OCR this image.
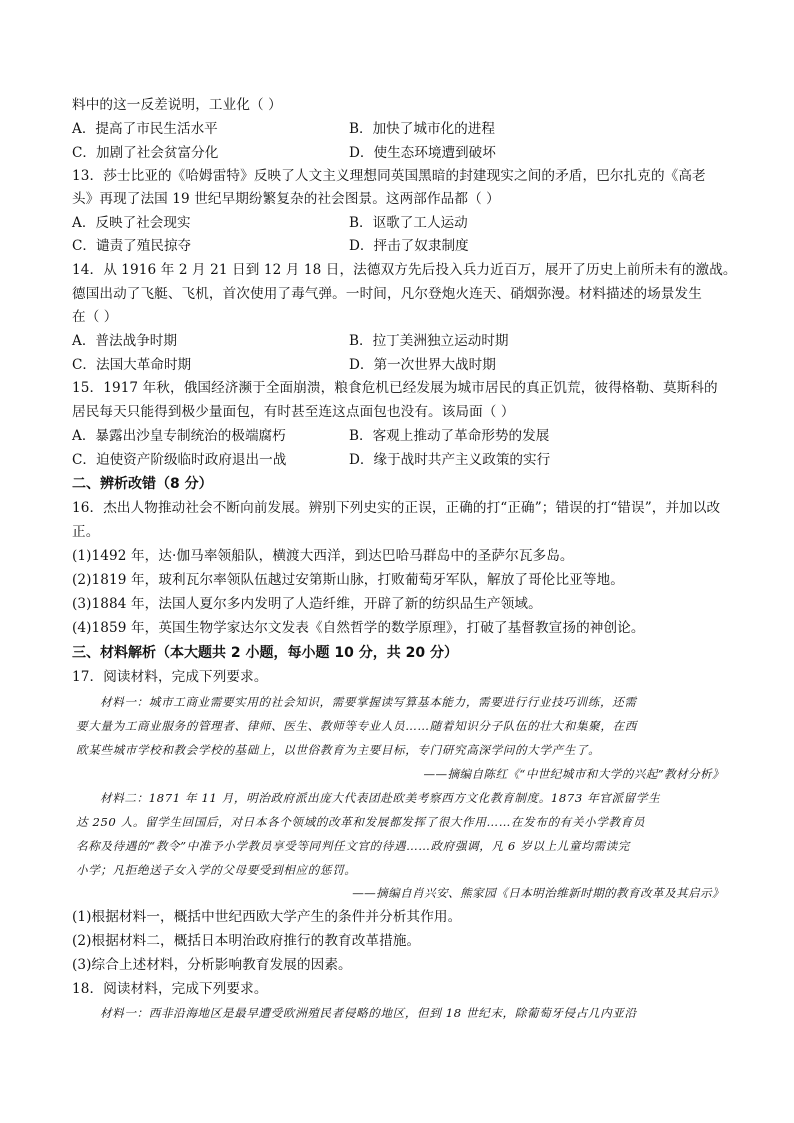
料中的这一反差说明，工业化（ ）
A．提高了市民生活水平	B．加快了城市化的进程
C．加剧了社会贫富分化	D．使生态环境遭到破坏
13．莎士比亚的《哈姆雷特》反映了人文主义理想同英国黑暗的封建现实之间的矛盾，巴尔扎克的《高老
头》再现了法国 19 世纪早期纷繁复杂的社会图景。这两部作品都（ ）
A．反映了社会现实	B．讴歌了工人运动
C．谴责了殖民掠夺	D．抨击了奴隶制度
14．从 1916 年 2 月 21 日到 12 月 18 日，法德双方先后投入兵力近百万，展开了历史上前所未有的激战。
德国出动了飞艇、飞机，首次使用了毒气弹。一时间，凡尔登炮火连天、硝烟弥漫。材料描述的场景发生
在（ ）
A．普法战争时期	B．拉丁美洲独立运动时期
C．法国大革命时期	D．第一次世界大战时期
15．1917 年秋，俄国经济濒于全面崩溃，粮食危机已经发展为城市居民的真正饥荒，彼得格勒、莫斯科的
居民每天只能得到极少量面包，有时甚至连这点面包也没有。该局面（ ）
A．暴露出沙皇专制统治的极端腐朽	B．客观上推动了革命形势的发展
C．迫使资产阶级临时政府退出一战	D．缘于战时共产主义政策的实行
二、辨析改错（8 分）
16．杰出人物推动社会不断向前发展。辨别下列史实的正误，正确的打“正确”；错误的打“错误”，并加以改
正。
(1)1492 年，达·伽马率领船队，横渡大西洋，到达巴哈马群岛中的圣萨尔瓦多岛。
(2)1819 年，玻利瓦尔率领队伍越过安第斯山脉，打败葡萄牙军队，解放了哥伦比亚等地。
(3)1884 年，法国人夏尔多内发明了人造纤维，开辟了新的纺织品生产领域。
(4)1859 年，英国生物学家达尔文发表《自然哲学的数学原理》，打破了基督教宣扬的神创论。
三、材料解析（本大题共 2 小题，每小题 10 分，共 20 分）
17．阅读材料，完成下列要求。
材料一：城市工商业需要实用的社会知识，需要掌握读写算基本能力，需要进行行业技巧训练，还需
要大量为工商业服务的管理者、律师、医生、教师等专业人员……随着知识分子队伍的壮大和集聚，在西
欧某些城市学校和教会学校的基础上，以世俗教育为主要目标，专门研究高深学问的大学产生了。
——摘编自陈红《“中世纪城市和大学的兴起”教材分析》
材料二：1871 年 11 月，明治政府派出庞大代表团赴欧美考察西方文化教育制度。1873 年官派留学生
达 250 人。留学生回国后，对日本各个领域的改革和发展都发挥了很大作用……在发布的有关小学教育员
名称及待遇的“教令”中准予小学教员享受等同判任文官的待遇……政府强调，凡 6 岁以上儿童均需读完
小学；凡拒绝送子女入学的父母要受到相应的惩罚。
——摘编自肖兴安、熊家园《日本明治维新时期的教育改革及其启示》
(1)根据材料一，概括中世纪西欧大学产生的条件并分析其作用。
(2)根据材料二，概括日本明治政府推行的教育改革措施。
(3)综合上述材料，分析影响教育发展的因素。
18．阅读材料，完成下列要求。
材料一：西非沿海地区是最早遭受欧洲殖民者侵略的地区，但到 18 世纪末，除葡萄牙侵占几内亚沿
